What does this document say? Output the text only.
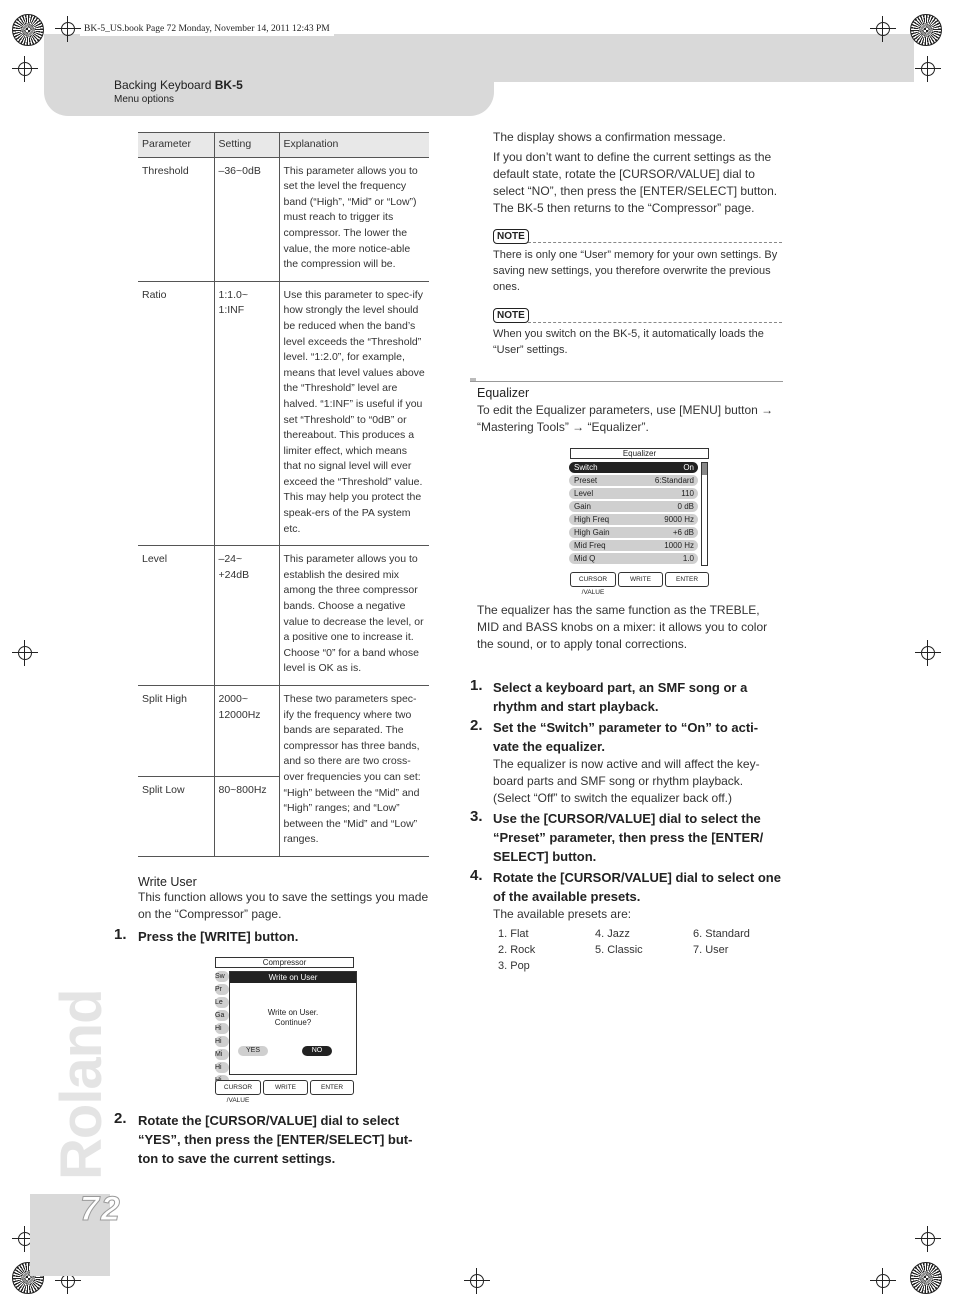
BK-5_US.book Page 72 Monday, November 14, 2011 12:43 PM
Backing Keyboard BK-5
Menu options
Roland
72
Parameter	Setting	Explanation
Threshold	–36~0dB	This parameter allows you to set the level the frequency band (“High”, “Mid” or “Low”) must reach to trigger its compressor. The lower the value, the more notice-able the compression will be.
Ratio	1:1.0~ 1:INF	Use this parameter to spec-ify how strongly the level should be reduced when the band’s level exceeds the “Threshold” level. “1:2.0”, for example, means that level values above the “Threshold” level are halved. “1:INF” is useful if you set “Threshold” to “0dB” or thereabout. This produces a limiter effect, which means that no signal level will ever exceed the “Threshold” value. This may help you protect the speak-ers of the PA system etc.
Level	–24~ +24dB	This parameter allows you to establish the desired mix among the three compressor bands. Choose a negative value to decrease the level, or a positive one to increase it. Choose “0” for a band whose level is OK as is.
Split High	2000~ 12000Hz	These two parameters spec-ify the frequency where two bands are separated. The compressor has three bands, and so there are two cross-over frequencies you can set: “High” between the “Mid” and “High” ranges; and “Low” between the “Mid” and “Low” ranges.
Split Low	80~800Hz	
Write User
This function allows you to save the settings you made on the “Compressor” page.
1. Press the [WRITE] button.
Compressor
Sw
Pr
Le
Ga
Hi
Hi
Mi
Hi
Write on User
Write on User.
Continue?
YES	NO
CURSOR /VALUE
WRITE	ENTER
2. Rotate the [CURSOR/VALUE] dial to select “YES”, then press the [ENTER/SELECT] but-ton to save the current settings.
The display shows a confirmation message.
If you don’t want to define the current settings as the default state, rotate the [CURSOR/VALUE] dial to select “NO”, then press the [ENTER/SELECT] button. The BK-5 then returns to the “Compressor” page.
NOTE
There is only one “User” memory for your own settings. By saving new settings, you therefore overwrite the previous ones.
NOTE
When you switch on the BK-5, it automatically loads the “User” settings.
Equalizer
To edit the Equalizer parameters, use [MENU] button → “Mastering Tools” → “Equalizer”.
Equalizer
Switch	On
Preset	6:Standard
Level	110
Gain	0 dB
High Freq	9000 Hz
High Gain	+6 dB
Mid Freq	1000 Hz
Mid Q	1.0
CURSOR /VALUE
WRITE	ENTER
The equalizer has the same function as the TREBLE, MID and BASS knobs on a mixer: it allows you to color the sound, or to apply tonal corrections.
1. Select a keyboard part, an SMF song or a rhythm and start playback.
2. Set the “Switch” parameter to “On” to acti-vate the equalizer.
The equalizer is now active and will affect the key-board parts and SMF song or rhythm playback. (Select “Off” to switch the equalizer back off.)
3. Use the [CURSOR/VALUE] dial to select the “Preset” parameter, then press the [ENTER/ SELECT] button.
4. Rotate the [CURSOR/VALUE] dial to select one of the available presets.
The available presets are:
1. Flat
2. Rock
3. Pop
4. Jazz
5. Classic
6. Standard
7. User
